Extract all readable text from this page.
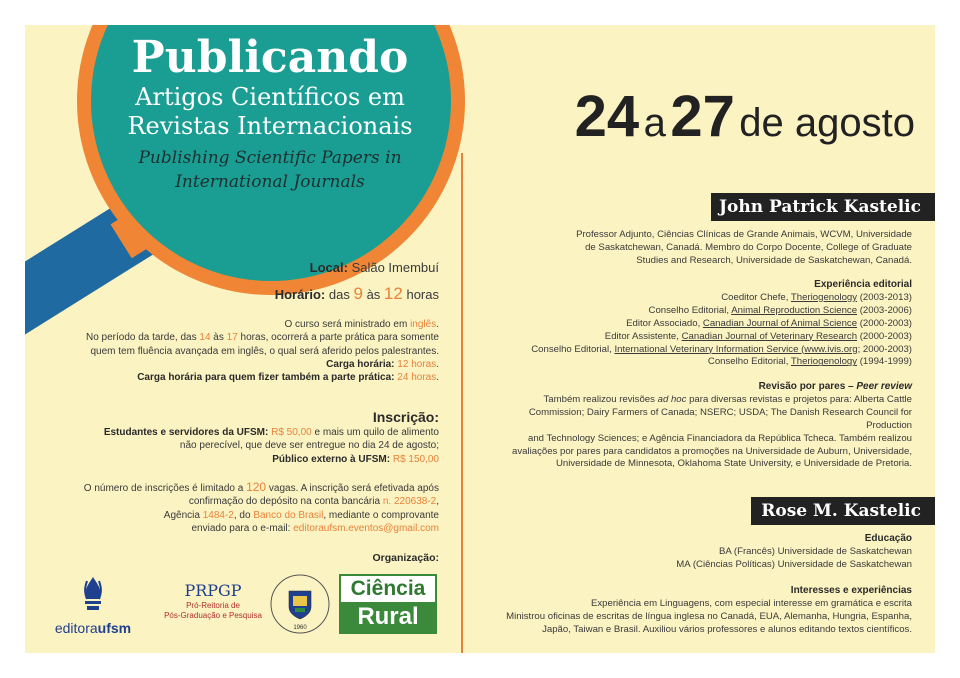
Publicando
Artigos Científicos em
Revistas Internacionais
Publishing Scientific Papers in
International Journals
Local: Salão Imembuí
Horário: das 9 às 12 horas
O curso será ministrado em inglês.
No período da tarde, das 14 às 17 horas, ocorrerá a parte prática para somente
quem tem fluência avançada em inglês, o qual será aferido pelos palestrantes.
Carga horária: 12 horas.
Carga horária para quem fizer também a parte prática: 24 horas.
Inscrição:
Estudantes e servidores da UFSM: R$ 50,00 e mais um quilo de alimento
não perecível, que deve ser entregue no dia 24 de agosto;
Público externo à UFSM: R$ 150,00
O número de inscrições é limitado a 120 vagas. A inscrição será efetivada após
confirmação do depósito na conta bancária n. 220638-2,
Agência 1484-2, do Banco do Brasil, mediante o comprovante
enviado para o e-mail: editoraufsm.eventos@gmail.com
Organização:
editoraufsm
PRPGP
Pró-Reitoria de
Pós-Graduação e Pesquisa
1960
Ciência
Rural
24 a 27 de agosto
John Patrick Kastelic
Professor Adjunto, Ciências Clínicas de Grande Animais, WCVM, Universidade
de Saskatchewan, Canadá. Membro do Corpo Docente, College of Graduate
Studies and Research, Universidade de Saskatchewan, Canadá.
Experiência editorial
Coeditor Chefe, Theriogenology (2003-2013)
Conselho Editorial, Animal Reproduction Science (2003-2006)
Editor Associado, Canadian Journal of Animal Science (2000-2003)
Editor Assistente, Canadian Journal of Veterinary Research (2000-2003)
Conselho Editorial, International Veterinary Information Service (www.ivis.org; 2000-2003)
Conselho Editorial, Theriogenology (1994-1999)
Revisão por pares – Peer review
Também realizou revisões ad hoc para diversas revistas e projetos para: Alberta Cattle
Commission; Dairy Farmers of Canada; NSERC; USDA; The Danish Research Council for Production
and Technology Sciences; e Agência Financiadora da República Tcheca. Também realizou
avaliações por pares para candidatos a promoções na Universidade de Auburn, Universidade,
Universidade de Minnesota, Oklahoma State University, e Universidade de Pretoria.
Rose M. Kastelic
Educação
BA (Francês) Universidade de Saskatchewan
MA (Ciências Políticas) Universidade de Saskatchewan
Interesses e experiências
Experiência em Linguagens, com especial interesse em gramática e escrita
Ministrou oficinas de escritas de língua inglesa no Canadá, EUA, Alemanha, Hungria, Espanha,
Japão, Taiwan e Brasil. Auxiliou vários professores e alunos editando textos científicos.
